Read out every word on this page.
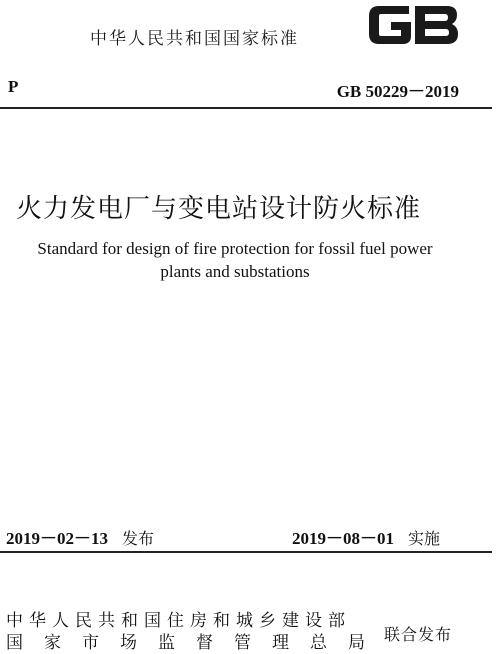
中华人民共和国国家标准
P	GB 50229－2019
火力发电厂与变电站设计防火标准
Standard for design of fire protection for fossil fuel power
plants and substations
2019－02－13 发布	2019－08－01 实施
中华人民共和国住房和城乡建设部
国家市场监督管理总局
联合发布
